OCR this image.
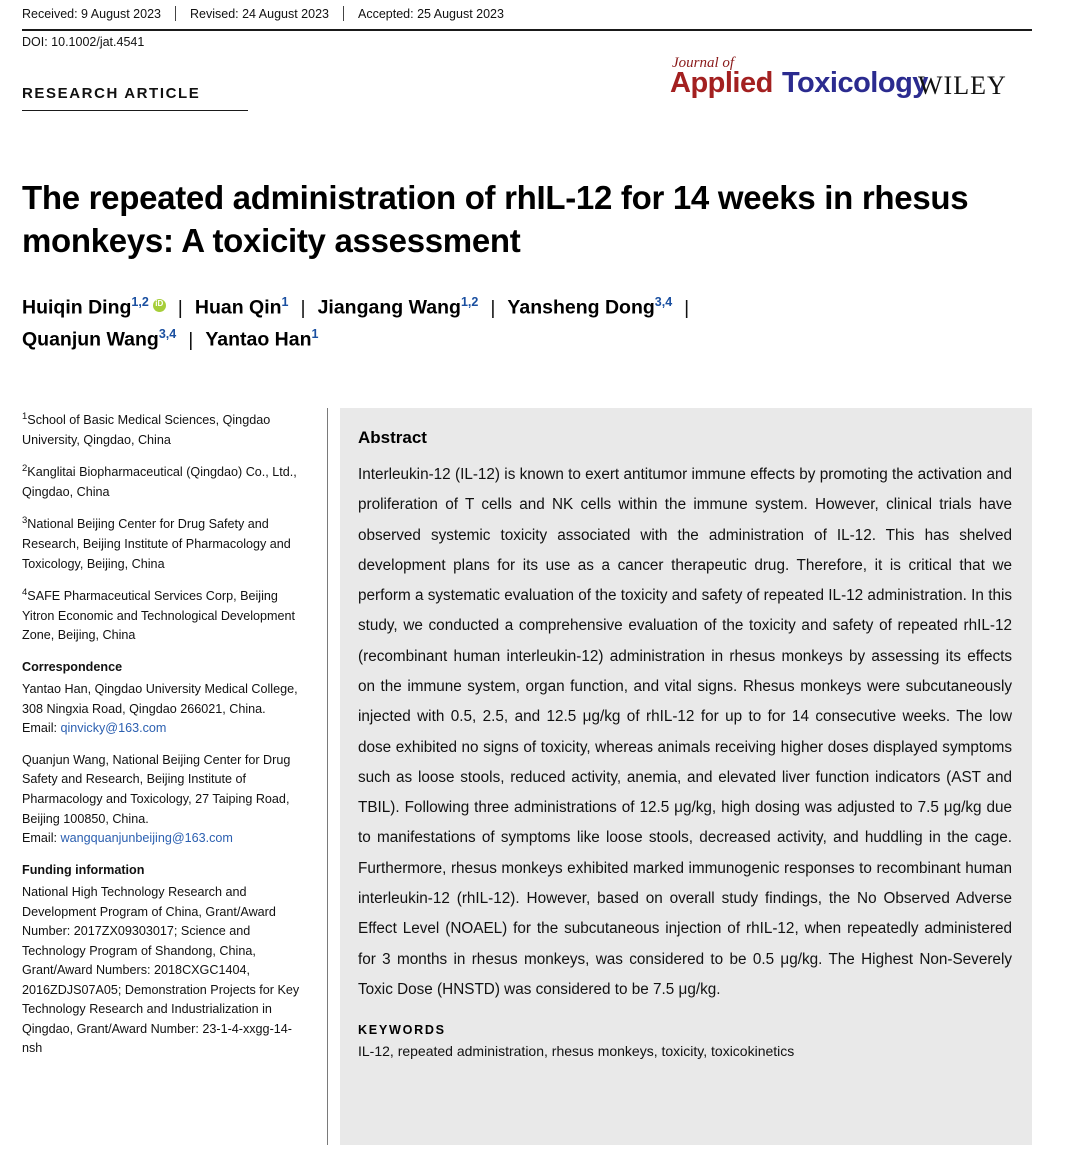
Received: 9 August 2023	Revised: 24 August 2023	Accepted: 25 August 2023
DOI: 10.1002/jat.4541
RESEARCH ARTICLE
Journal of
Applied Toxicology
WILEY
The repeated administration of rhIL-12 for 14 weeks in rhesus monkeys: A toxicity assessment
Huiqin Ding$^{1,2}$ iD | Huan Qin$^1$ | Jiangang Wang$^{1,2}$ | Yansheng Dong$^{3,4}$ |
Quanjun Wang$^{3,4}$ | Yantao Han$^1$

$^1$School of Basic Medical Sciences, Qingdao University, Qingdao, China

$^2$Kanglitai Biopharmaceutical (Qingdao) Co., Ltd., Qingdao, China

$^3$National Beijing Center for Drug Safety and Research, Beijing Institute of Pharmacology and Toxicology, Beijing, China

$^4$SAFE Pharmaceutical Services Corp, Beijing Yitron Economic and Technological Development Zone, Beijing, China

Correspondence

Yantao Han, Qingdao University Medical College, 308 Ningxia Road, Qingdao 266021, China.
Email: qinvicky@163.com

Quanjun Wang, National Beijing Center for Drug Safety and Research, Beijing Institute of Pharmacology and Toxicology, 27 Taiping Road, Beijing 100850, China.
Email: wangquanjunbeijing@163.com

Funding information

National High Technology Research and Development Program of China, Grant/Award Number: 2017ZX09303017; Science and Technology Program of Shandong, China, Grant/Award Numbers: 2018CXGC1404, 2016ZDJS07A05; Demonstration Projects for Key Technology Research and Industrialization in Qingdao, Grant/Award Number: 23-1-4-xxgg-14-nsh

Abstract

Interleukin-12 (IL-12) is known to exert antitumor immune effects by promoting the activation and proliferation of T cells and NK cells within the immune system. However, clinical trials have observed systemic toxicity associated with the administration of IL-12. This has shelved development plans for its use as a cancer therapeutic drug. Therefore, it is critical that we perform a systematic evaluation of the toxicity and safety of repeated IL-12 administration. In this study, we conducted a comprehensive evaluation of the toxicity and safety of repeated rhIL-12 (recombinant human interleukin-12) administration in rhesus monkeys by assessing its effects on the immune system, organ function, and vital signs. Rhesus monkeys were subcutaneously injected with 0.5, 2.5, and 12.5 μg/kg of rhIL-12 for up to for 14 consecutive weeks. The low dose exhibited no signs of toxicity, whereas animals receiving higher doses displayed symptoms such as loose stools, reduced activity, anemia, and elevated liver function indicators (AST and TBIL). Following three administrations of 12.5 μg/kg, high dosing was adjusted to 7.5 μg/kg due to manifestations of symptoms like loose stools, decreased activity, and huddling in the cage. Furthermore, rhesus monkeys exhibited marked immunogenic responses to recombinant human interleukin-12 (rhIL-12). However, based on overall study findings, the No Observed Adverse Effect Level (NOAEL) for the subcutaneous injection of rhIL-12, when repeatedly administered for 3 months in rhesus monkeys, was considered to be 0.5 μg/kg. The Highest Non-Severely Toxic Dose (HNSTD) was considered to be 7.5 μg/kg.

KEYWORDS

IL-12, repeated administration, rhesus monkeys, toxicity, toxicokinetics
